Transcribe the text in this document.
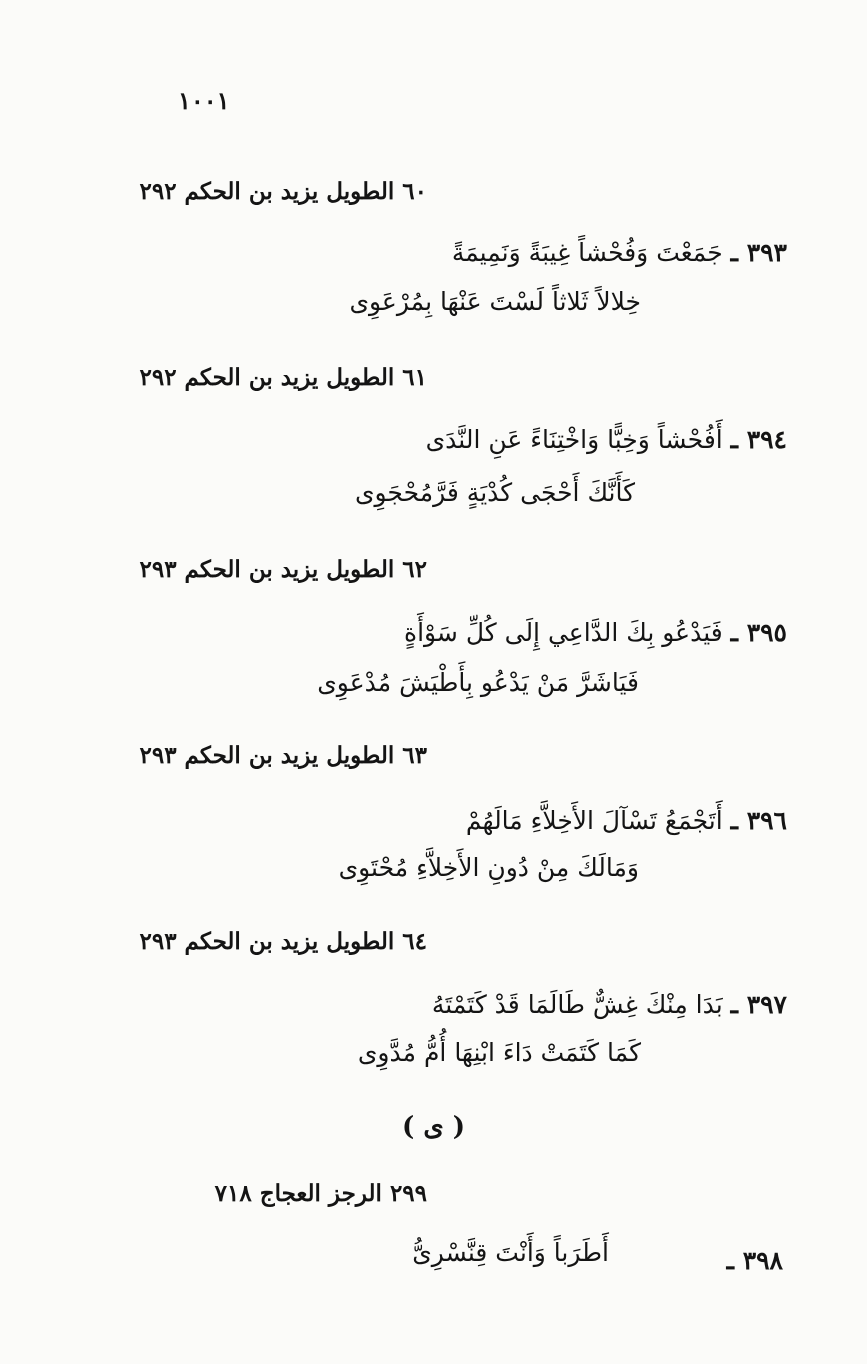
١٠٠١
٦٠ الطويل يزيد بن الحكم ٢٩٢
٣٩٣ ـ جَمَعْتَ وَفُحْشاً غِيبَةً وَنَمِيمَةً
خِلالاً ثَلاثاً لَسْتَ عَنْهَا بِمُرْعَوِى
٦١ الطويل يزيد بن الحكم ٢٩٢
٣٩٤ ـ أَفُحْشاً وَخِبًّا وَاخْتِنَاءً عَنِ النَّدَى
كَأَنَّكَ أَحْجَى كُدْيَةٍ فَرَّمُحْجَوِى
٦٢ الطويل يزيد بن الحكم ٢٩٣
٣٩٥ ـ فَيَدْعُو بِكَ الدَّاعِي إِلَى كُلِّ سَوْأَةٍ
فَيَاشَرَّ مَنْ يَدْعُو بِأَطْيَشَ مُدْعَوِى
٦٣ الطويل يزيد بن الحكم ٢٩٣
٣٩٦ ـ أَتَجْمَعُ تَسْآلَ الأَخِلاَّءِ مَالَهُمْ
وَمَالَكَ مِنْ دُونِ الأَخِلاَّءِ مُحْتَوِى
٦٤ الطويل يزيد بن الحكم ٢٩٣
٣٩٧ ـ بَدَا مِنْكَ غِشٌّ طَالَمَا قَدْ كَتَمْتَهُ
كَمَا كَتَمَتْ دَاءَ ابْنِهَا أُمُّ مُدَّوِى
( ى )
٢٩٩ الرجز العجاج ٧١٨
٣٩٨ ـ
أَطَرَباً وَأَنْتَ قِنَّسْرِىُّ
